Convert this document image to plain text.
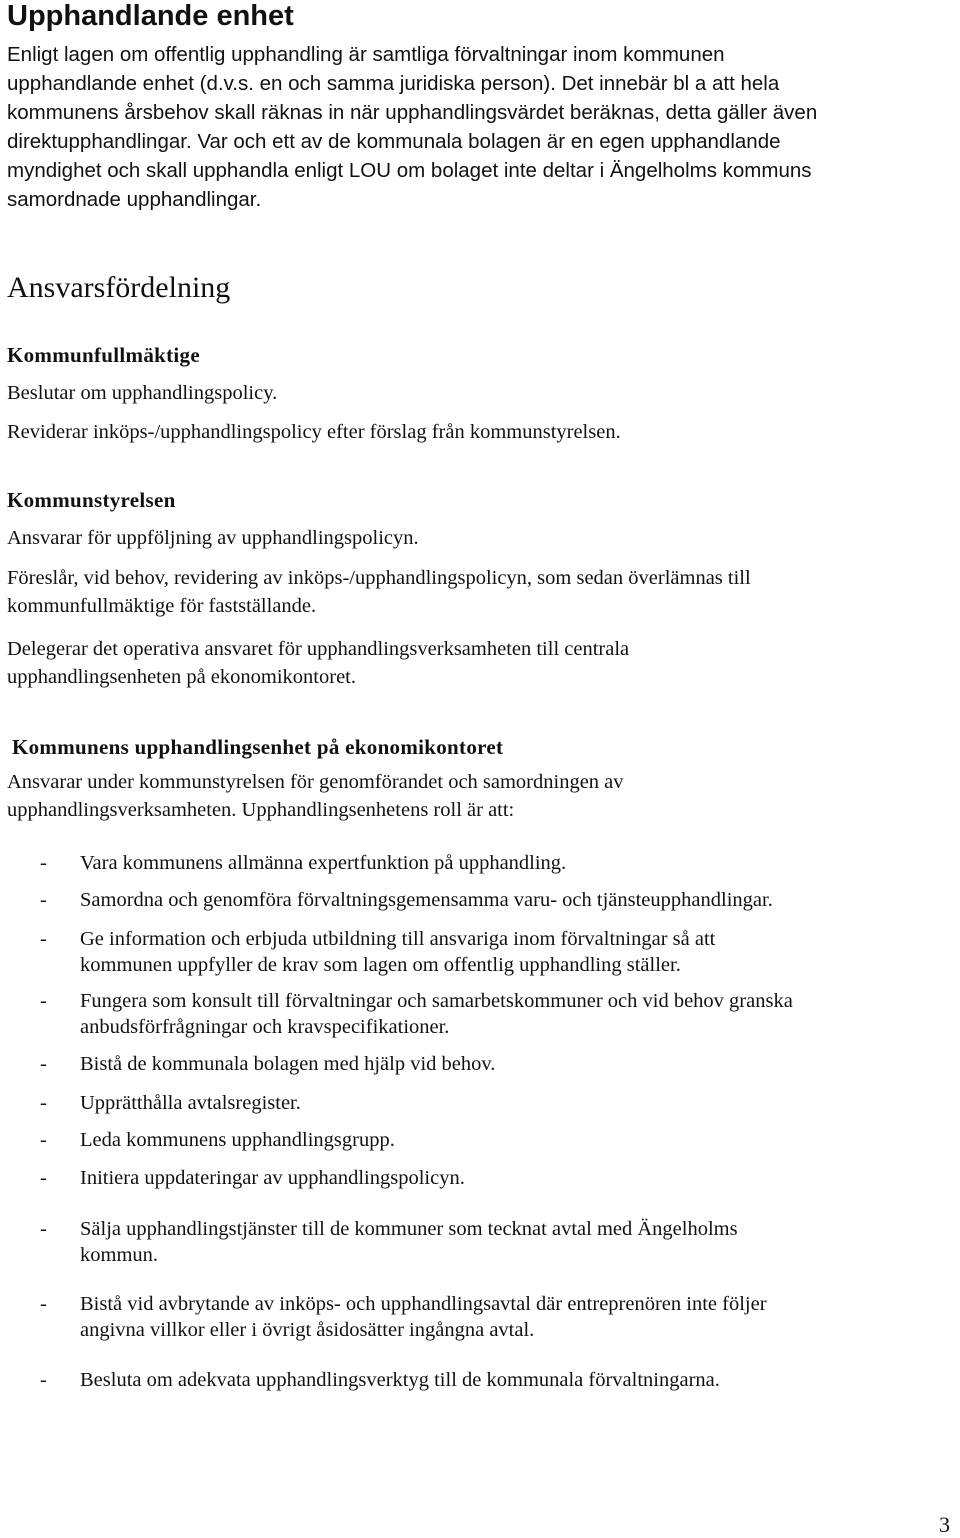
Upphandlande enhet
Enligt lagen om offentlig upphandling är samtliga förvaltningar inom kommunen
upphandlande enhet (d.v.s. en och samma juridiska person). Det innebär bl a att hela
kommunens årsbehov skall räknas in när upphandlingsvärdet beräknas, detta gäller även
direktupphandlingar. Var och ett av de kommunala bolagen är en egen upphandlande
myndighet och skall upphandla enligt LOU om bolaget inte deltar i Ängelholms kommuns
samordnade upphandlingar.
Ansvarsfördelning
Kommunfullmäktige
Beslutar om upphandlingspolicy.
Reviderar inköps-/upphandlingspolicy efter förslag från kommunstyrelsen.
Kommunstyrelsen
Ansvarar för uppföljning av upphandlingspolicyn.
Föreslår, vid behov, revidering av inköps-/upphandlingspolicyn, som sedan överlämnas till
kommunfullmäktige för fastställande.
Delegerar det operativa ansvaret för upphandlingsverksamheten till centrala
upphandlingsenheten på ekonomikontoret.
Kommunens upphandlingsenhet på ekonomikontoret
Ansvarar under kommunstyrelsen för genomförandet och samordningen av
upphandlingsverksamheten. Upphandlingsenhetens roll är att:
- Vara kommunens allmänna expertfunktion på upphandling.
- Samordna och genomföra förvaltningsgemensamma varu- och tjänsteupphandlingar.
- Ge information och erbjuda utbildning till ansvariga inom förvaltningar så att
kommunen uppfyller de krav som lagen om offentlig upphandling ställer.
- Fungera som konsult till förvaltningar och samarbetskommuner och vid behov granska
anbudsförfrågningar och kravspecifikationer.
- Bistå de kommunala bolagen med hjälp vid behov.
- Upprätthålla avtalsregister.
- Leda kommunens upphandlingsgrupp.
- Initiera uppdateringar av upphandlingspolicyn.
- Sälja upphandlingstjänster till de kommuner som tecknat avtal med Ängelholms
kommun.
- Bistå vid avbrytande av inköps- och upphandlingsavtal där entreprenören inte följer
angivna villkor eller i övrigt åsidosätter ingångna avtal.
- Besluta om adekvata upphandlingsverktyg till de kommunala förvaltningarna.
3
